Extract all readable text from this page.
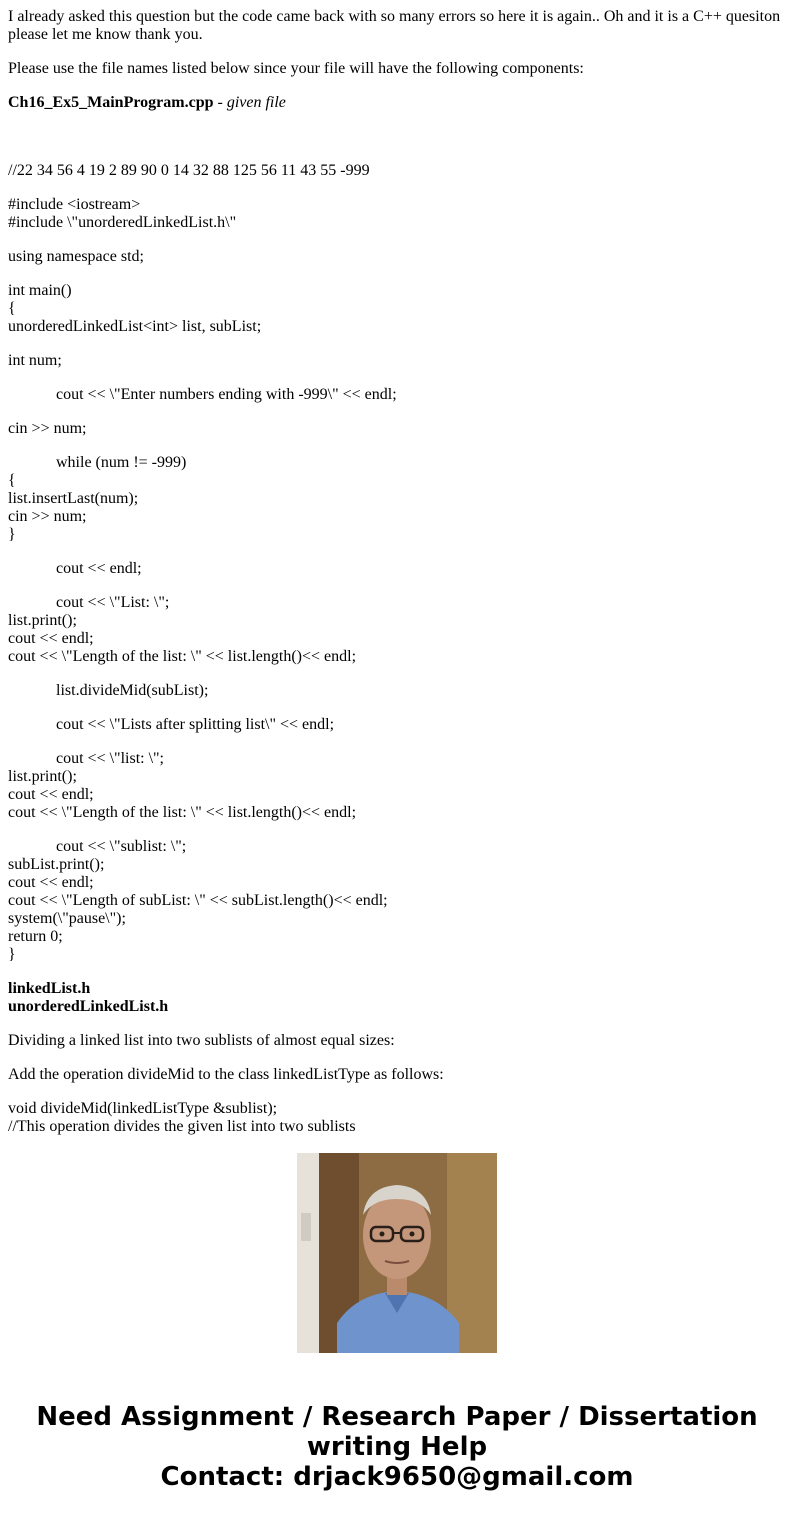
I already asked this question but the code came back with so many errors so here it is again.. Oh and it is a C++ quesiton please let me know thank you.

Please use the file names listed below since your file will have the following components:

Ch16_Ex5_MainProgram.cpp - given file

//22 34 56 4 19 2 89 90 0 14 32 88 125 56 11 43 55 -999
#include <iostream>
#include \"unorderedLinkedList.h\"
using namespace std;
int main()
{
unorderedLinkedList<int> list, subList;
int num;
cout << \"Enter numbers ending with -999\" << endl;
cin >> num;
while (num != -999)
{
list.insertLast(num);
cin >> num;
}
cout << endl;
cout << \"List: \";
list.print();
cout << endl;
cout << \"Length of the list: \" << list.length()<< endl;
list.divideMid(subList);
cout << \"Lists after splitting list\" << endl;
cout << \"list: \";
list.print();
cout << endl;
cout << \"Length of the list: \" << list.length()<< endl;
cout << \"sublist: \";
subList.print();
cout << endl;
cout << \"Length of subList: \" << subList.length()<< endl;
system(\"pause\");
return 0;
}
linkedList.h
unorderedLinkedList.h
Dividing a linked list into two sublists of almost equal sizes:
Add the operation divideMid to the class linkedListType as follows:
void divideMid(linkedListType &sublist);
//This operation divides the given list into two sublists
Need Assignment / Research Paper / Dissertation
writing Help
Contact: drjack9650@gmail.com
